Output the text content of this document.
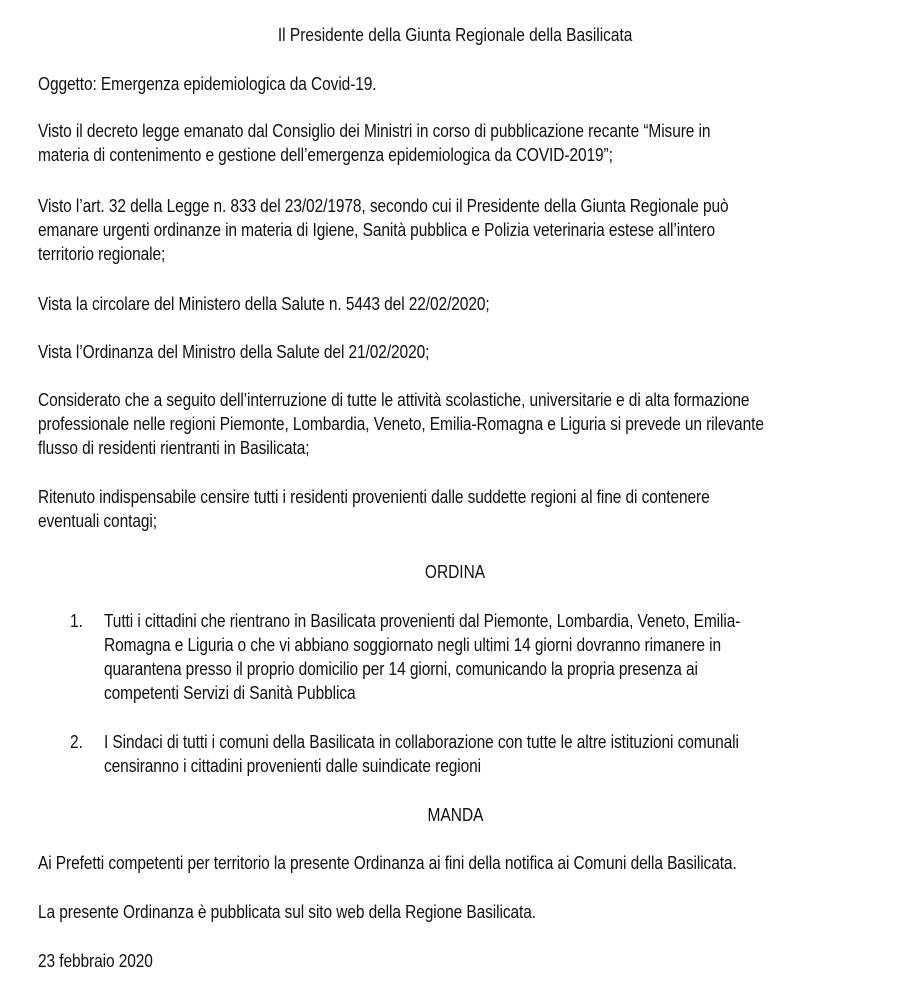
Il Presidente della Giunta Regionale della Basilicata
Oggetto: Emergenza epidemiologica da Covid-19.
Visto il decreto legge emanato dal Consiglio dei Ministri in corso di pubblicazione recante “Misure in
materia di contenimento e gestione dell’emergenza epidemiologica da COVID-2019”;
Visto l’art. 32 della Legge n. 833 del 23/02/1978, secondo cui il Presidente della Giunta Regionale può
emanare urgenti ordinanze in materia di Igiene, Sanità pubblica e Polizia veterinaria estese all’intero
territorio regionale;
Vista la circolare del Ministero della Salute n. 5443 del 22/02/2020;
Vista l’Ordinanza del Ministro della Salute del 21/02/2020;
Considerato che a seguito dell’interruzione di tutte le attività scolastiche, universitarie e di alta formazione
professionale nelle regioni Piemonte, Lombardia, Veneto, Emilia-Romagna e Liguria si prevede un rilevante
flusso di residenti rientranti in Basilicata;
Ritenuto indispensabile censire tutti i residenti provenienti dalle suddette regioni al fine di contenere
eventuali contagi;
ORDINA
1. Tutti i cittadini che rientrano in Basilicata provenienti dal Piemonte, Lombardia, Veneto, Emilia-
Romagna e Liguria o che vi abbiano soggiornato negli ultimi 14 giorni dovranno rimanere in
quarantena presso il proprio domicilio per 14 giorni, comunicando la propria presenza ai
competenti Servizi di Sanità Pubblica
2. I Sindaci di tutti i comuni della Basilicata in collaborazione con tutte le altre istituzioni comunali
censiranno i cittadini provenienti dalle suindicate regioni
MANDA
Ai Prefetti competenti per territorio la presente Ordinanza ai fini della notifica ai Comuni della Basilicata.
La presente Ordinanza è pubblicata sul sito web della Regione Basilicata.
23 febbraio 2020
